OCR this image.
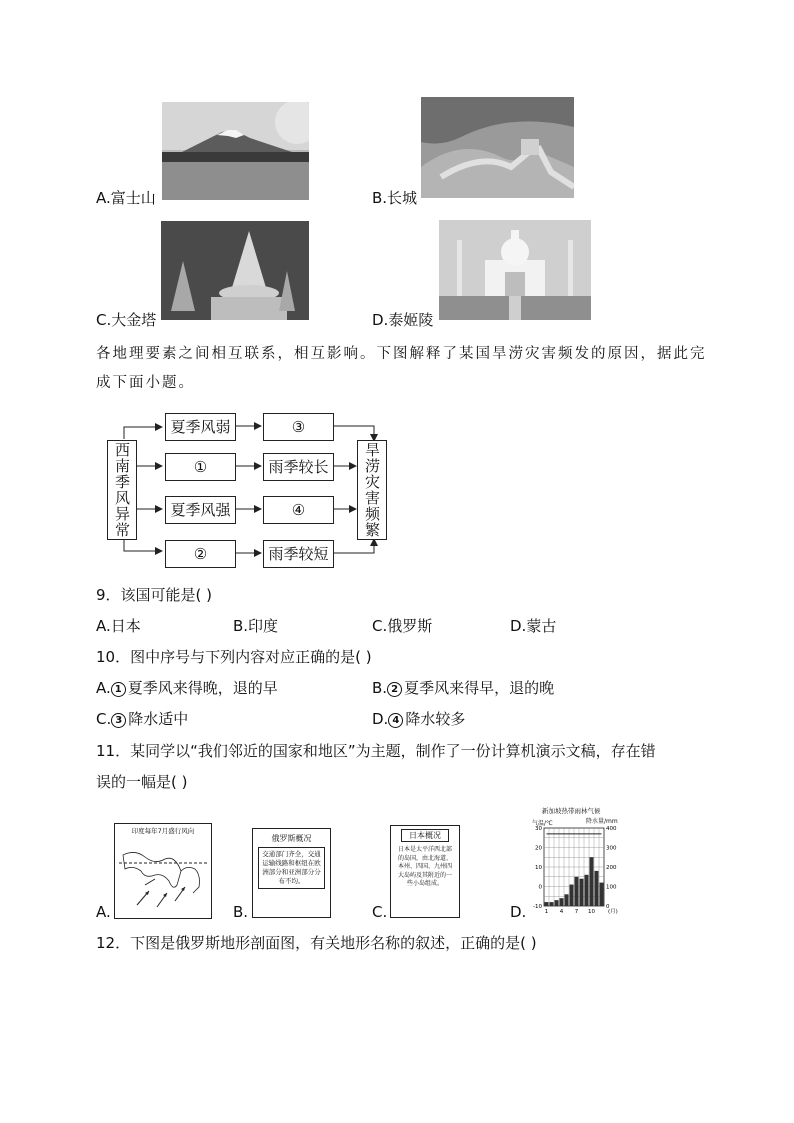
A.富士山	B.长城
C.大金塔	D.泰姬陵
各地理要素之间相互联系，相互影响。下图解释了某国旱涝灾害频发的原因，据此完
成下面小题。
西南季风异常	旱涝灾害频繁
夏季风弱
①
夏季风强
②
③
雨季较长
④
雨季较短
9．该国可能是( )
A.日本	B.印度	C.俄罗斯	D.蒙古
10．图中序号与下列内容对应正确的是( )
A. 1 夏季风来得晚，退的早	B. 2 夏季风来得早，退的晚
C. 3 降水适中	D. 4 降水较多
11．某同学以“我们邻近的国家和地区”为主题，制作了一份计算机演示文稿，存在错
误的一幅是( )
印度每年7月盛行风向
A.
俄罗斯概况
交通部门齐全，交通运输线路和枢纽在欧洲部分和亚洲部分分布不均。
B.
日本概况
日本是太平洋西北部的岛国，由北海道、本州、四国、九州四大岛屿及其附近的一些小岛组成。
C.
新加坡热带雨林气候
气温/℃	降水量/mm
30
20
10
0
-10
400
300
200
100
0
1 4 7 10 (月)
D.
12．下图是俄罗斯地形剖面图，有关地形名称的叙述，正确的是( )
